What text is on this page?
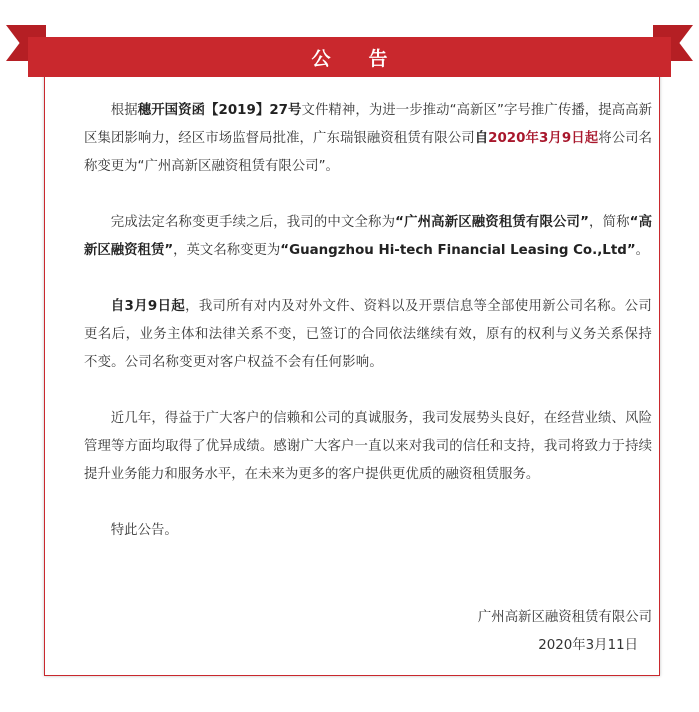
公告

根据穗开国资函【2019】27号文件精神，为进一步推动“高新区”字号推广传播，提高高新区集团影响力，经区市场监督局批准，广东瑞银融资租赁有限公司自2020年3月9日起将公司名称变更为“广州高新区融资租赁有限公司”。

完成法定名称变更手续之后，我司的中文全称为“广州高新区融资租赁有限公司”，简称“高新区融资租赁”，英文名称变更为“Guangzhou Hi-tech Financial Leasing Co.,Ltd”。

自3月9日起，我司所有对内及对外文件、资料以及开票信息等全部使用新公司名称。公司更名后，业务主体和法律关系不变，已签订的合同依法继续有效，原有的权利与义务关系保持不变。公司名称变更对客户权益不会有任何影响。

近几年，得益于广大客户的信赖和公司的真诚服务，我司发展势头良好，在经营业绩、风险管理等方面均取得了优异成绩。感谢广大客户一直以来对我司的信任和支持，我司将致力于持续提升业务能力和服务水平，在未来为更多的客户提供更优质的融资租赁服务。

特此公告。

广州高新区融资租赁有限公司
2020年3月11日
